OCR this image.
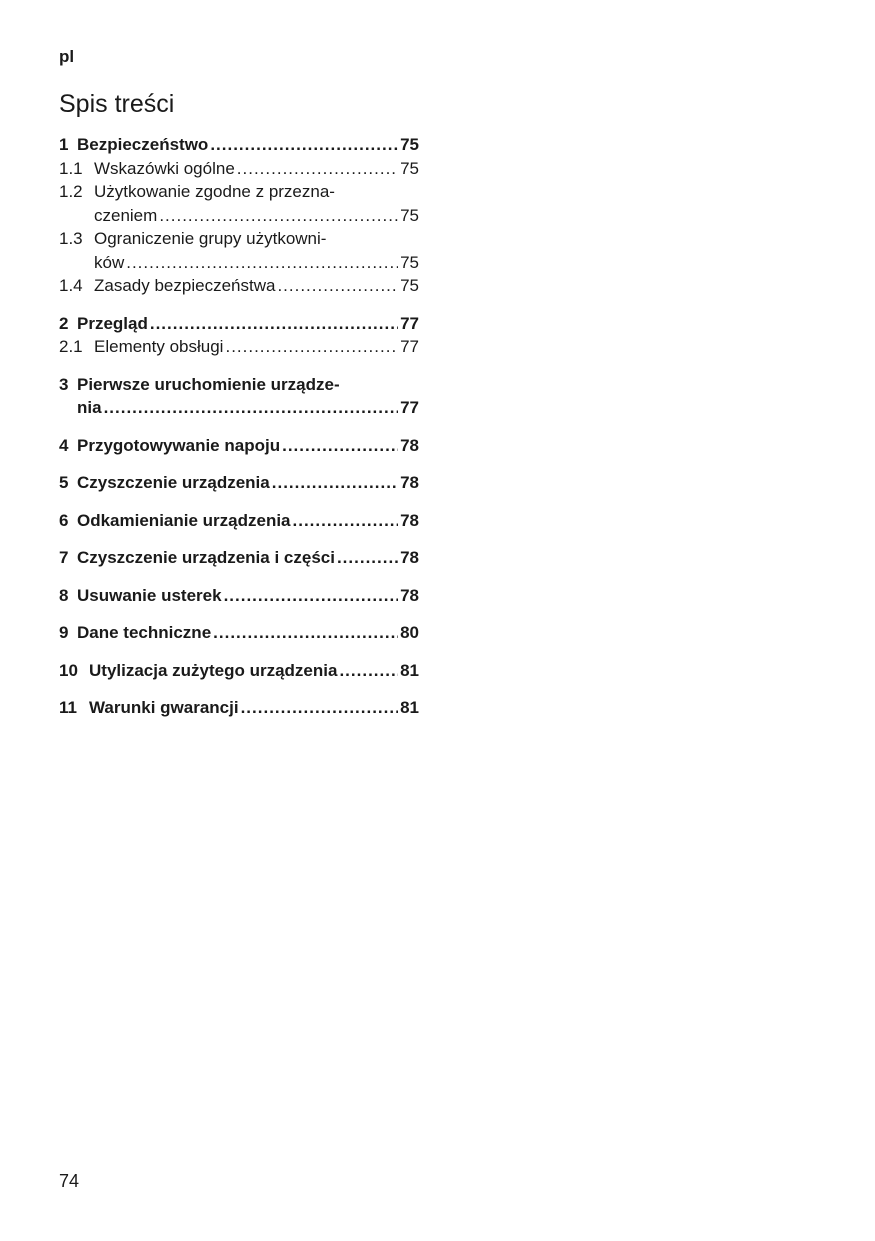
pl
Spis treści
1 Bezpieczeństwo .....	75
1.1 Wskazówki ogólne .....	75
1.2 Użytkowanie zgodne z przezna-
czeniem .....	75
1.3 Ograniczenie grupy użytkowni-
ków .....	75
1.4 Zasady bezpieczeństwa .....	75
2 Przegląd .....	77
2.1 Elementy obsługi .....	77
3 Pierwsze uruchomienie urządze-
nia .....	77
4 Przygotowywanie napoju .....	78
5 Czyszczenie urządzenia .....	78
6 Odkamienianie urządzenia .....	78
7 Czyszczenie urządzenia i części .....	78
8 Usuwanie usterek .....	78
9 Dane techniczne .....	80
10 Utylizacja zużytego urządzenia .....	81
11 Warunki gwarancji .....	81
74
